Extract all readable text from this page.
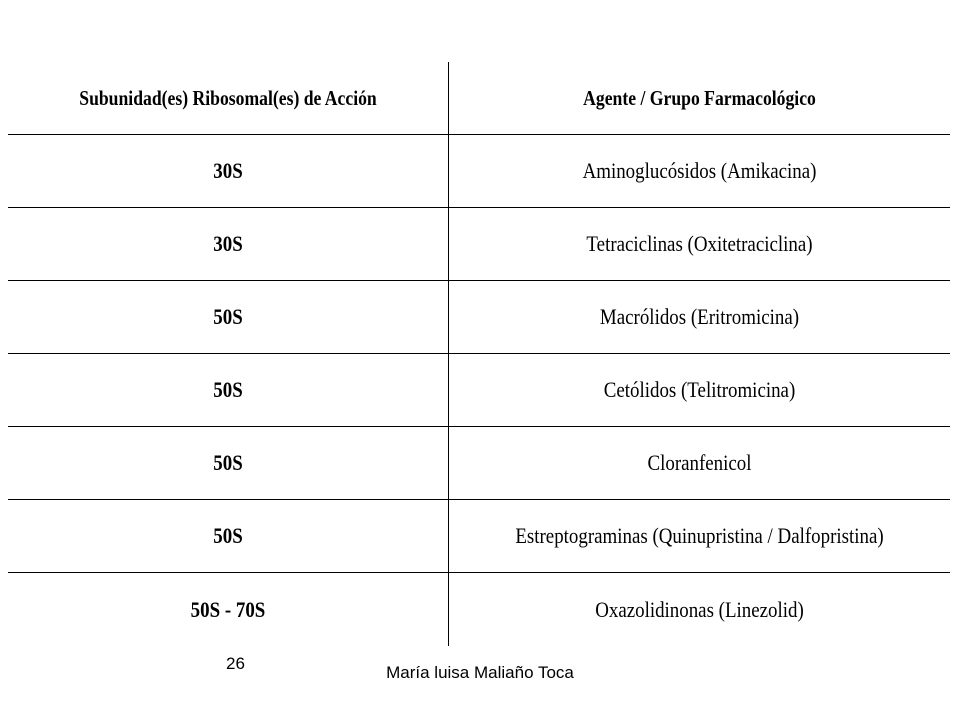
Subunidad(es) Ribosomal(es) de Acción	Agente / Grupo Farmacológico
30S	Aminoglucósidos (Amikacina)
30S	Tetraciclinas (Oxitetraciclina)
50S	Macrólidos (Eritromicina)
50S	Cetólidos (Telitromicina)
50S	Cloranfenicol
50S	Estreptograminas (Quinupristina / Dalfopristina)
50S - 70S	Oxazolidinonas (Linezolid)
26	María luisa Maliaño Toca
